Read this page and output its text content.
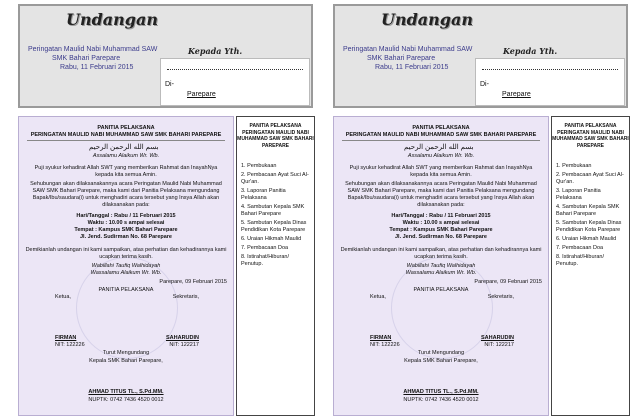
Undangan
Peringatan Maulid Nabi Muhammad SAW
SMK Bahari Parepare
Rabu, 11 Februari 2015
Kepada Yth.
Di-
Parepare
PANITIA PELAKSANA
PERINGATAN MAULID NABI MUHAMMAD SAW SMK BAHARI PAREPARE
بسم الله الرحمن الرحيم
Assalamu Alaikum Wr. Wb.
Puji syukur kehadirat Allah SWT yang memberikan Rahmat dan InayahNya kepada kita semua Amin.
Sehubungan akan dilaksanakannya acara Peringatan Maulid Nabi Muhammad SAW SMK Bahari Parepare, maka kami dari Panitia Pelaksana mengundang Bapak/Ibu/saudara(i) untuk menghadiri acara tersebut yang Insya Allah akan dilaksanakan pada:
Hari/Tanggal : Rabu / 11 Februari 2015
Waktu : 10.00 s ampai selesai
Tempat : Kampus SMK Bahari Parepare
Jl. Jend. Sudirman No. 68 Parepare
Demikianlah undangan ini kami sampaikan, atas perhatian dan kehadirannya kami ucapkan terima kasih.
Wabillahi Taufiq Walhidayah
Wassalamu Alaikum Wr. Wb.
Parepare, 09 Februari 2015
PANITIA PELAKSANA
Ketua,	Sekretaris,
FIRMAN	SAHARUDIN
NIT: 122226	NIT: 122217
Turut Mengundang
Kepala SMK Bahari Parepare,
AHMAD TITUS TL., S.Pd.MM.
NUPTK: 0742 7436 4520 0012
PANITIA PELAKSANA PERINGATAN MAULID NABI MUHAMMAD SAW SMK BAHARI PAREPARE
1. Pembukaan
2. Pembacaan Ayat Suci Al-Qur'an.
3. Laporan Panitia Pelaksana
4. Sambutan Kepala SMK Bahari Parepare
5. Sambutan Kepala Dinas Pendidikan Kota Parepare
6. Uraian Hikmah Maulid
7. Pembacaan Doa
8. Istirahat/Hiburan/ Penutup.
Undangan
Peringatan Maulid Nabi Muhammad SAW
SMK Bahari Parepare
Rabu, 11 Februari 2015
Kepada Yth.
Di-
Parepare
PANITIA PELAKSANA
PERINGATAN MAULID NABI MUHAMMAD SAW SMK BAHARI PAREPARE
بسم الله الرحمن الرحيم
Assalamu Alaikum Wr. Wb.
Puji syukur kehadirat Allah SWT yang memberikan Rahmat dan InayahNya kepada kita semua Amin.
Sehubungan akan dilaksanakannya acara Peringatan Maulid Nabi Muhammad SAW SMK Bahari Parepare, maka kami dari Panitia Pelaksana mengundang Bapak/Ibu/saudara(i) untuk menghadiri acara tersebut yang Insya Allah akan dilaksanakan pada:
Hari/Tanggal : Rabu / 11 Februari 2015
Waktu : 10.00 s ampai selesai
Tempat : Kampus SMK Bahari Parepare
Jl. Jend. Sudirman No. 68 Parepare
Demikianlah undangan ini kami sampaikan, atas perhatian dan kehadirannya kami ucapkan terima kasih.
Wabillahi Taufiq Walhidayah
Wassalamu Alaikum Wr. Wb.
Parepare, 09 Februari 2015
PANITIA PELAKSANA
Ketua,	Sekretaris,
FIRMAN	SAHARUDIN
NIT: 122226	NIT: 122217
Turut Mengundang
Kepala SMK Bahari Parepare,
AHMAD TITUS TL., S.Pd.MM.
NUPTK: 0742 7436 4520 0012
PANITIA PELAKSANA PERINGATAN MAULID NABI MUHAMMAD SAW SMK BAHARI PAREPARE
1. Pembukaan
2. Pembacaan Ayat Suci Al-Qur'an.
3. Laporan Panitia Pelaksana
4. Sambutan Kepala SMK Bahari Parepare
5. Sambutan Kepala Dinas Pendidikan Kota Parepare
6. Uraian Hikmah Maulid
7. Pembacaan Doa
8. Istirahat/Hiburan/ Penutup.
